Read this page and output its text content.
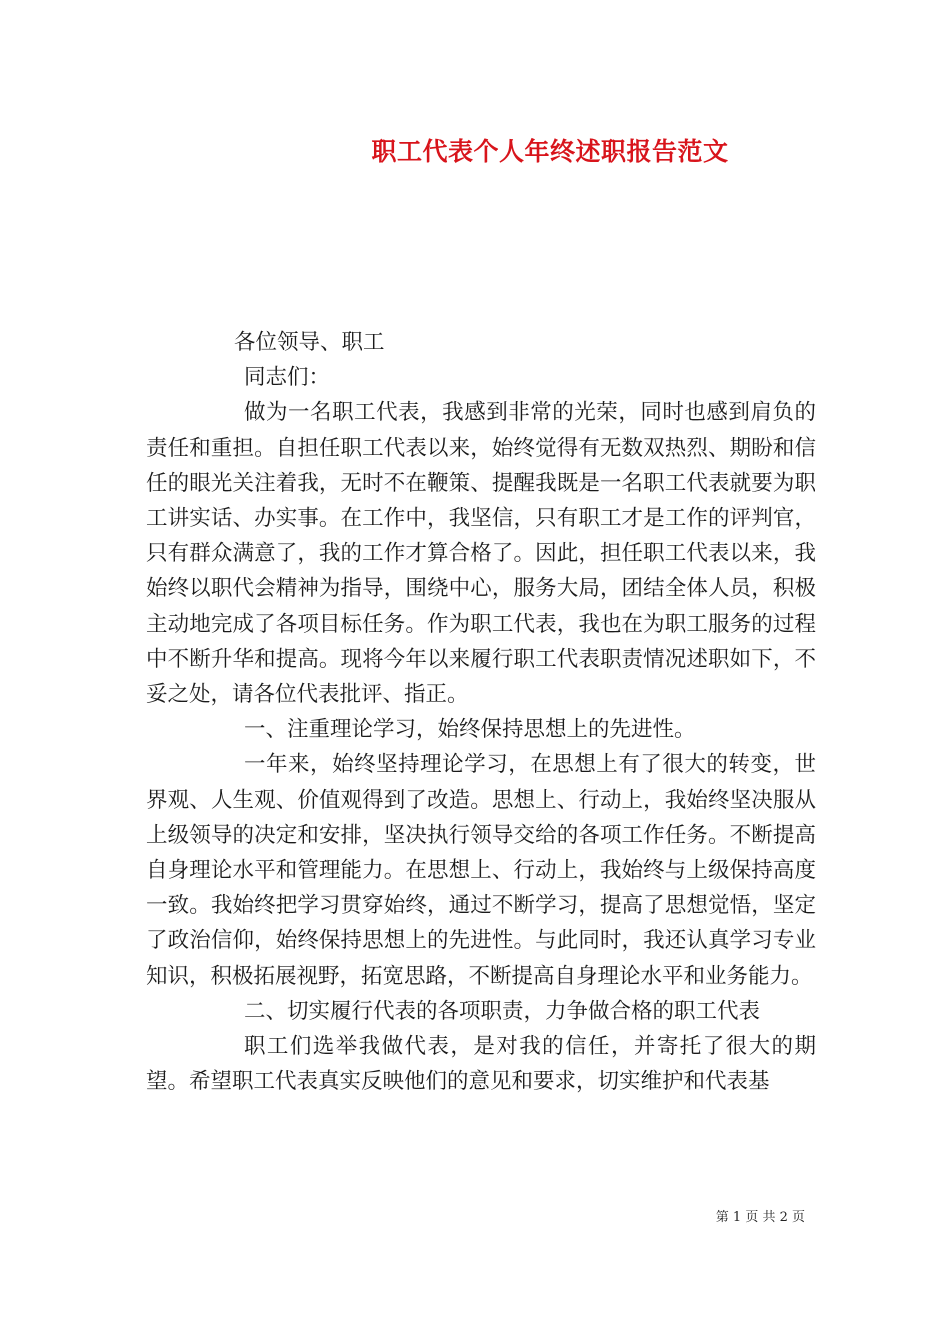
职工代表个人年终述职报告范文

各位领导、职工

同志们：

做为一名职工代表，我感到非常的光荣，同时也感到肩负的责任和重担。自担任职工代表以来，始终觉得有无数双热烈、期盼和信任的眼光关注着我，无时不在鞭策、提醒我既是一名职工代表就要为职工讲实话、办实事。在工作中，我坚信，只有职工才是工作的评判官，只有群众满意了，我的工作才算合格了。因此，担任职工代表以来，我始终以职代会精神为指导，围绕中心，服务大局，团结全体人员，积极主动地完成了各项目标任务。作为职工代表，我也在为职工服务的过程中不断升华和提高。现将今年以来履行职工代表职责情况述职如下，不妥之处，请各位代表批评、指正。

一、注重理论学习，始终保持思想上的先进性。

一年来，始终坚持理论学习，在思想上有了很大的转变，世界观、人生观、价值观得到了改造。思想上、行动上，我始终坚决服从上级领导的决定和安排，坚决执行领导交给的各项工作任务。不断提高自身理论水平和管理能力。在思想上、行动上，我始终与上级保持高度一致。我始终把学习贯穿始终，通过不断学习，提高了思想觉悟，坚定了政治信仰，始终保持思想上的先进性。与此同时，我还认真学习专业知识，积极拓展视野，拓宽思路，不断提高自身理论水平和业务能力。

二、切实履行代表的各项职责，力争做合格的职工代表

职工们选举我做代表，是对我的信任，并寄托了很大的期望。希望职工代表真实反映他们的意见和要求，切实维护和代表基

第 1 页 共 2 页
